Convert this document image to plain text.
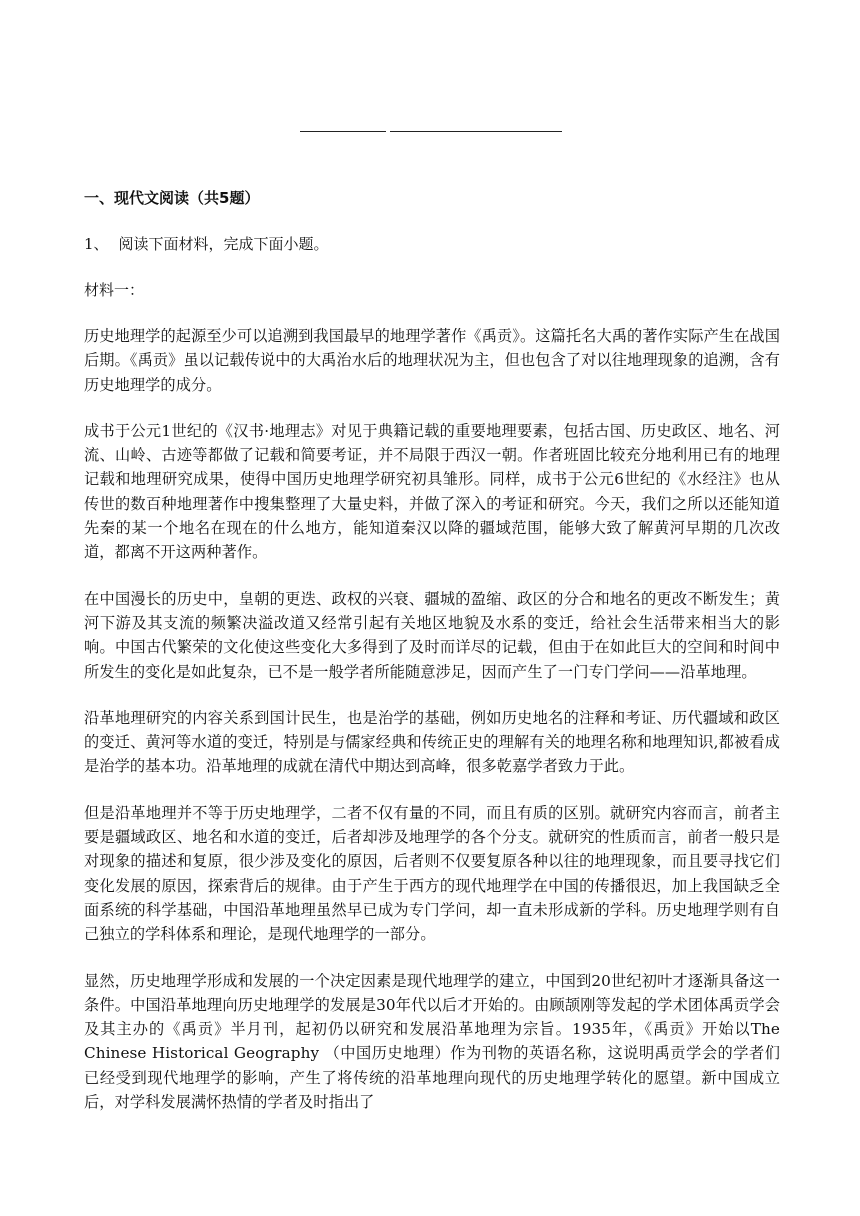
一、现代文阅读（共5题）
1、 阅读下面材料，完成下面小题。
材料一：

历史地理学的起源至少可以追溯到我国最早的地理学著作《禹贡》。这篇托名大禹的著作实际产生在战国后期。《禹贡》虽以记载传说中的大禹治水后的地理状况为主，但也包含了对以往地理现象的追溯，含有历史地理学的成分。

成书于公元1世纪的《汉书·地理志》对见于典籍记载的重要地理要素，包括古国、历史政区、地名、河流、山岭、古迹等都做了记载和简要考证，并不局限于西汉一朝。作者班固比较充分地利用已有的地理记载和地理研究成果，使得中国历史地理学研究初具雏形。同样，成书于公元6世纪的《水经注》也从传世的数百种地理著作中搜集整理了大量史料，并做了深入的考证和研究。今天，我们之所以还能知道先秦的某一个地名在现在的什么地方，能知道秦汉以降的疆域范围，能够大致了解黄河早期的几次改道，都离不开这两种著作。

在中国漫长的历史中，皇朝的更迭、政权的兴衰、疆城的盈缩、政区的分合和地名的更改不断发生；黄河下游及其支流的频繁决溢改道又经常引起有关地区地貌及水系的变迁，给社会生活带来相当大的影响。中国古代繁荣的文化使这些变化大多得到了及时而详尽的记载，但由于在如此巨大的空间和时间中所发生的变化是如此复杂，已不是一般学者所能随意涉足，因而产生了一门专门学问——沿革地理。

沿革地理研究的内容关系到国计民生，也是治学的基础，例如历史地名的注释和考证、历代疆域和政区的变迁、黄河等水道的变迁，特别是与儒家经典和传统正史的理解有关的地理名称和地理知识,都被看成是治学的基本功。沿革地理的成就在清代中期达到高峰，很多乾嘉学者致力于此。

但是沿革地理并不等于历史地理学，二者不仅有量的不同，而且有质的区别。就研究内容而言，前者主要是疆域政区、地名和水道的变迁，后者却涉及地理学的各个分支。就研究的性质而言，前者一般只是对现象的描述和复原，很少涉及变化的原因，后者则不仅要复原各种以往的地理现象，而且要寻找它们变化发展的原因，探索背后的规律。由于产生于西方的现代地理学在中国的传播很迟，加上我国缺乏全面系统的科学基础，中国沿革地理虽然早已成为专门学问，却一直未形成新的学科。历史地理学则有自己独立的学科体系和理论，是现代地理学的一部分。

显然，历史地理学形成和发展的一个决定因素是现代地理学的建立，中国到20世纪初叶才逐渐具备这一条件。中国沿革地理向历史地理学的发展是30年代以后才开始的。由顾颉刚等发起的学术团体禹贡学会及其主办的《禹贡》半月刊，起初仍以研究和发展沿革地理为宗旨。1935年，《禹贡》开始以The Chinese Historical Geography （中国历史地理）作为刊物的英语名称，这说明禹贡学会的学者们已经受到现代地理学的影响，产生了将传统的沿革地理向现代的历史地理学转化的愿望。新中国成立后，对学科发展满怀热情的学者及时指出了
